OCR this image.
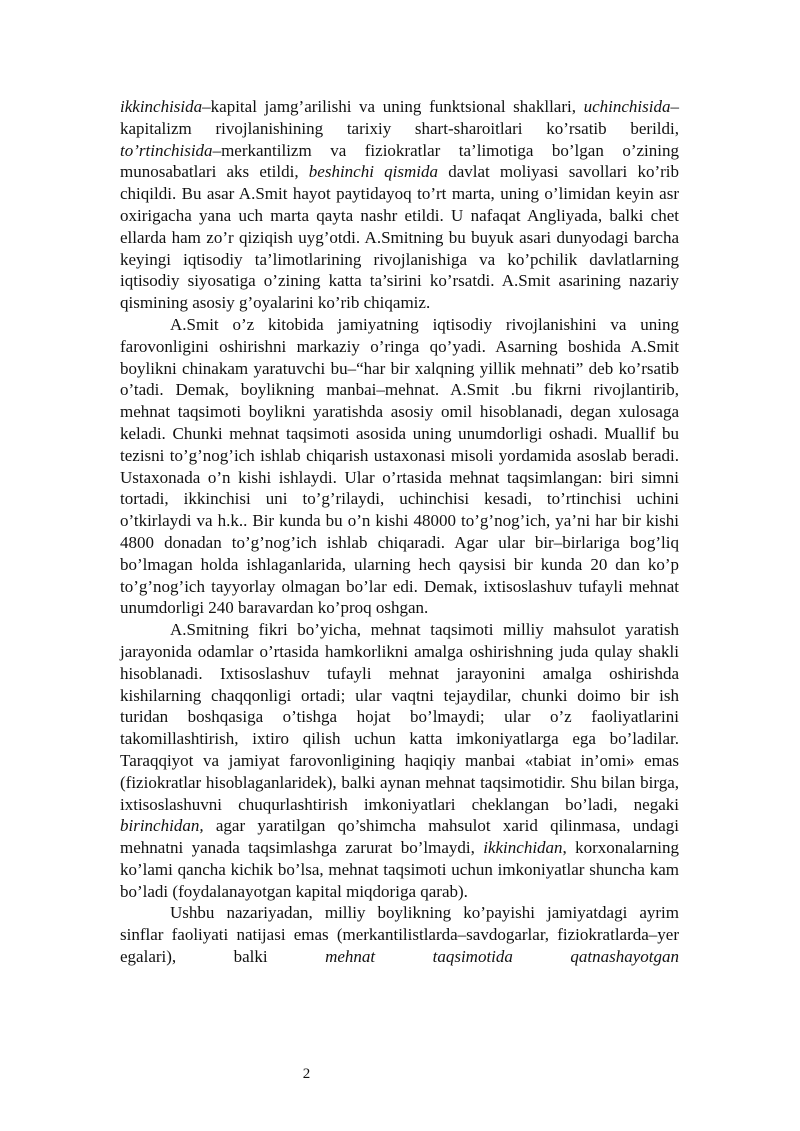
ikkinchisida–kapital jamg’arilishi va uning funktsional shakllari, uchinchisida–kapitalizm rivojlanishining tarixiy shart-sharoitlari ko’rsatib berildi, to’rtinchisida–merkantilizm va fiziokratlar ta’limotiga bo’lgan o’zining munosabatlari aks etildi, beshinchi qismida davlat moliyasi savollari ko’rib chiqildi. Bu asar A.Smit hayot paytidayoq to’rt marta, uning o’limidan keyin asr oxirigacha yana uch marta qayta nashr etildi. U nafaqat Angliyada, balki chet ellarda ham zo’r qiziqish uyg’otdi. A.Smitning bu buyuk asari dunyodagi barcha keyingi iqtisodiy ta’limotlarining rivojlanishiga va ko’pchilik davlatlarning iqtisodiy siyosatiga o’zining katta ta’sirini ko’rsatdi. A.Smit asarining nazariy qismining asosiy g’oyalarini ko’rib chiqamiz.

A.Smit o’z kitobida jamiyatning iqtisodiy rivojlanishini va uning farovonligini oshirishni markaziy o’ringa qo’yadi. Asarning boshida A.Smit boylikni chinakam yaratuvchi bu–“har bir xalqning yillik mehnati” deb ko’rsatib o’tadi. Demak, boylikning manbai–mehnat. A.Smit .bu fikrni rivojlantirib, mehnat taqsimoti boylikni yaratishda asosiy omil hisoblanadi, degan xulosaga keladi. Chunki mehnat taqsimoti asosida uning unumdorligi oshadi. Muallif bu tezisni to’g’nog’ich ishlab chiqarish ustaxonasi misoli yordamida asoslab beradi. Ustaxonada o’n kishi ishlaydi. Ular o’rtasida mehnat taqsimlangan: biri simni tortadi, ikkinchisi uni to’g’rilaydi, uchinchisi kesadi, to’rtinchisi uchini o’tkirlaydi va h.k.. Bir kunda bu o’n kishi 48000 to’g’nog’ich, ya’ni har bir kishi 4800 donadan to’g’nog’ich ishlab chiqaradi. Agar ular bir–birlariga bog’liq bo’lmagan holda ishlaganlarida, ularning hech qaysisi bir kunda 20 dan ko’p to’g’nog’ich tayyorlay olmagan bo’lar edi. Demak, ixtisoslashuv tufayli mehnat unumdorligi 240 baravardan ko’proq oshgan.

A.Smitning fikri bo’yicha, mehnat taqsimoti milliy mahsulot yaratish jarayonida odamlar o’rtasida hamkorlikni amalga oshirishning juda qulay shakli hisoblanadi. Ixtisoslashuv tufayli mehnat jarayonini amalga oshirishda kishilarning chaqqonligi ortadi; ular vaqtni tejaydilar, chunki doimo bir ish turidan boshqasiga o’tishga hojat bo’lmaydi; ular o’z faoliyatlarini takomillashtirish, ixtiro qilish uchun katta imkoniyatlarga ega bo’ladilar. Taraqqiyot va jamiyat farovonligining haqiqiy manbai «tabiat in’omi» emas (fiziokratlar hisoblaganlaridek), balki aynan mehnat taqsimotidir. Shu bilan birga, ixtisoslashuvni chuqurlashtirish imkoniyatlari cheklangan bo’ladi, negaki birinchidan, agar yaratilgan qo’shimcha mahsulot xarid qilinmasa, undagi mehnatni yanada taqsimlashga zarurat bo’lmaydi, ikkinchidan, korxonalarning ko’lami qancha kichik bo’lsa, mehnat taqsimoti uchun imkoniyatlar shuncha kam bo’ladi (foydalanayotgan kapital miqdoriga qarab).

Ushbu nazariyadan, milliy boylikning ko’payishi jamiyatdagi ayrim sinflar faoliyati natijasi emas (merkantilistlarda–savdogarlar, fiziokratlarda–yer egalari), balki mehnat taqsimotida qatnashayotgan

2
